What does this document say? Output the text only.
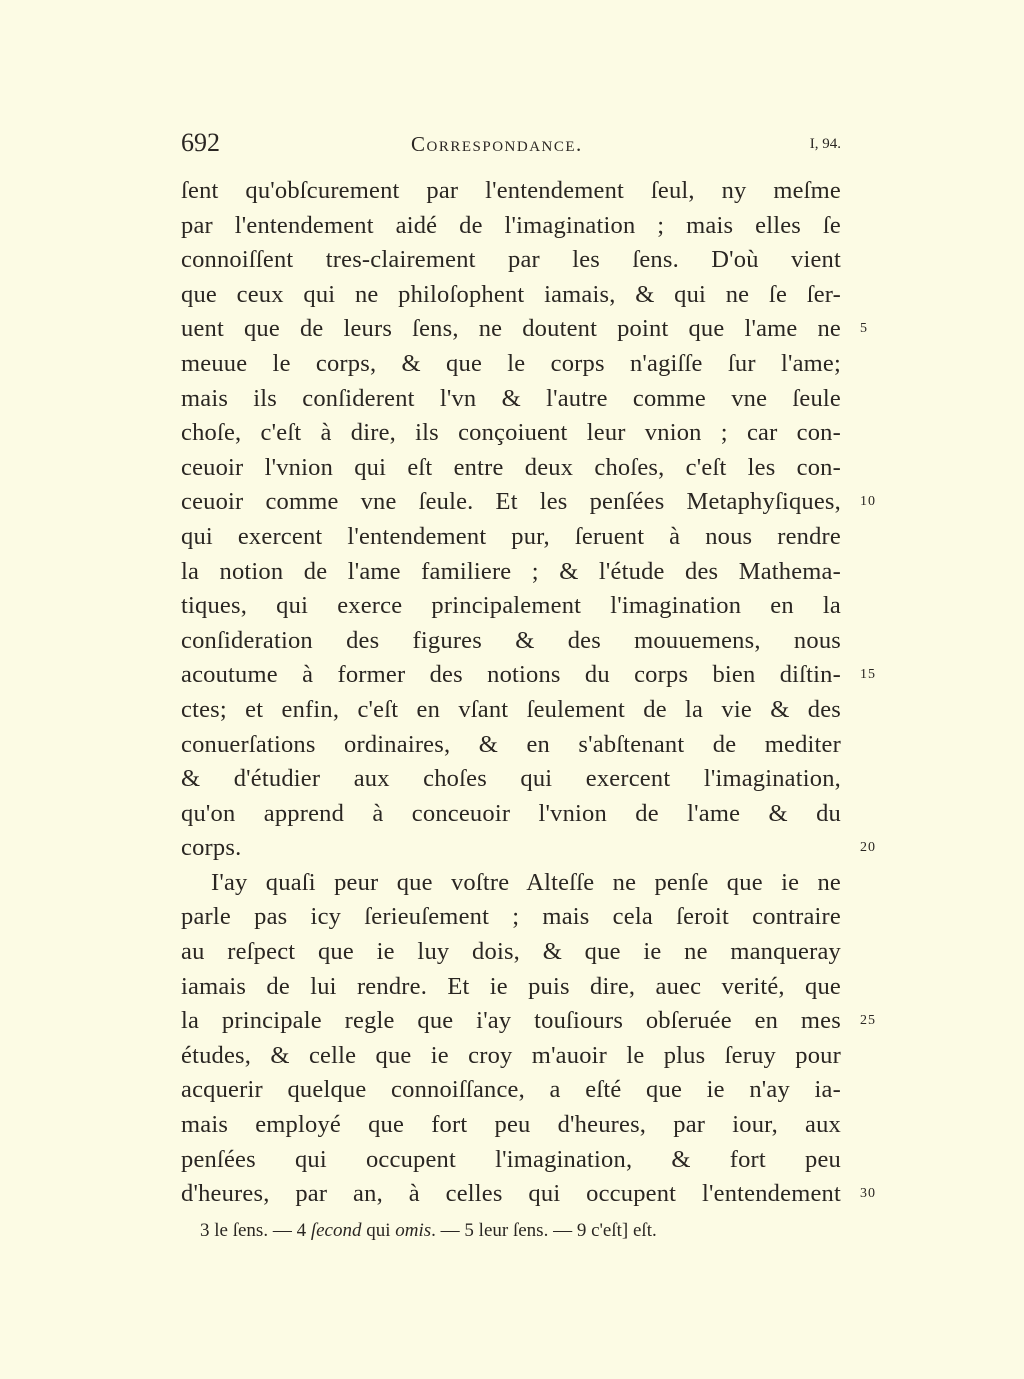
692	Correspondance.	I, 94.
ſent qu'obſcurement par l'entendement ſeul, ny meſme
par l'entendement aidé de l'imagination ; mais elles ſe
connoiſſent tres-clairement par les ſens. D'où vient
que ceux qui ne philoſophent iamais, & qui ne ſe ſer-
uent que de leurs ſens, ne doutent point que l'ame ne
meuue le corps, & que le corps n'agiſſe ſur l'ame;
mais ils conſiderent l'vn & l'autre comme vne ſeule
choſe, c'eſt à dire, ils conçoiuent leur vnion ; car con-
ceuoir l'vnion qui eſt entre deux choſes, c'eſt les con-
ceuoir comme vne ſeule. Et les penſées Metaphyſiques,
qui exercent l'entendement pur, ſeruent à nous rendre
la notion de l'ame familiere ; & l'étude des Mathema-
tiques, qui exerce principalement l'imagination en la
conſideration des figures & des mouuemens, nous
acoutume à former des notions du corps bien diſtin-
ctes; et enfin, c'eſt en vſant ſeulement de la vie & des
conuerſations ordinaires, & en s'abſtenant de mediter
& d'étudier aux choſes qui exercent l'imagination,
qu'on apprend à conceuoir l'vnion de l'ame & du
corps.
I'ay quaſi peur que voſtre Alteſſe ne penſe que ie ne
parle pas icy ſerieuſement ; mais cela ſeroit contraire
au reſpect que ie luy dois, & que ie ne manqueray
iamais de lui rendre. Et ie puis dire, auec verité, que
la principale regle que i'ay touſiours obſeruée en mes
études, & celle que ie croy m'auoir le plus ſeruy pour
acquerir quelque connoiſſance, a eſté que ie n'ay ia-
mais employé que fort peu d'heures, par iour, aux
penſées qui occupent l'imagination, & fort peu
d'heures, par an, à celles qui occupent l'entendement
5
10
15
20
25
30
3 le ſens. — 4 ſecond qui omis. — 5 leur ſens. — 9 c'eſt] eſt.
